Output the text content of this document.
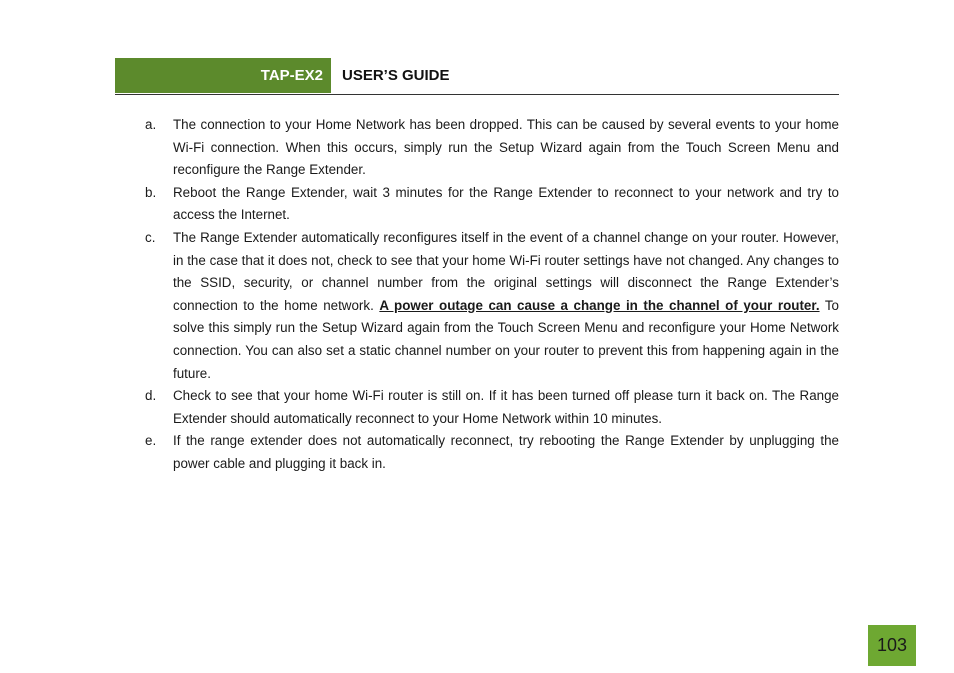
TAP-EX2	USER’S GUIDE
a. The connection to your Home Network has been dropped. This can be caused by several events to your home Wi-Fi connection. When this occurs, simply run the Setup Wizard again from the Touch Screen Menu and reconfigure the Range Extender.
b. Reboot the Range Extender, wait 3 minutes for the Range Extender to reconnect to your network and try to access the Internet.
c. The Range Extender automatically reconfigures itself in the event of a channel change on your router. However, in the case that it does not, check to see that your home Wi-Fi router settings have not changed. Any changes to the SSID, security, or channel number from the original settings will disconnect the Range Extender’s connection to the home network. A power outage can cause a change in the channel of your router. To solve this simply run the Setup Wizard again from the Touch Screen Menu and reconfigure your Home Network connection. You can also set a static channel number on your router to prevent this from happening again in the future.
d. Check to see that your home Wi-Fi router is still on. If it has been turned off please turn it back on. The Range Extender should automatically reconnect to your Home Network within 10 minutes.
e. If the range extender does not automatically reconnect, try rebooting the Range Extender by unplugging the power cable and plugging it back in.
103
